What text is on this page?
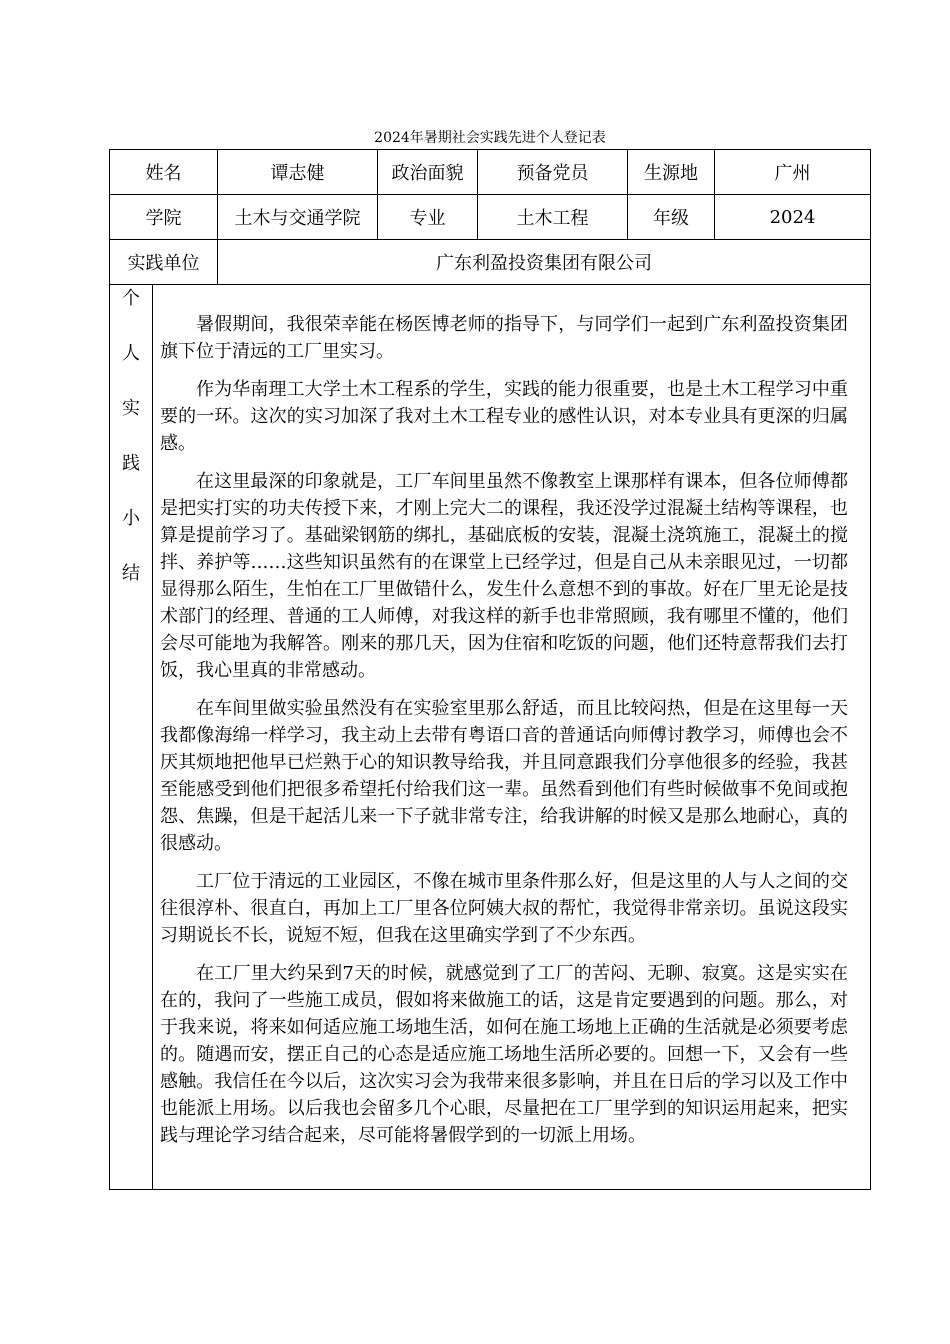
2024年暑期社会实践先进个人登记表
姓名	谭志健	政治面貌	预备党员	生源地	广州
学院	土木与交通学院	专业	土木工程	年级	2024
实践单位	广东利盈投资集团有限公司

个
人
实
践
小
结

暑假期间，我很荣幸能在杨医博老师的指导下，与同学们一起到广东利盈投资集团旗下位于清远的工厂里实习。

作为华南理工大学土木工程系的学生，实践的能力很重要，也是土木工程学习中重要的一环。这次的实习加深了我对土木工程专业的感性认识，对本专业具有更深的归属感。

在这里最深的印象就是，工厂车间里虽然不像教室上课那样有课本，但各位师傅都是把实打实的功夫传授下来，才刚上完大二的课程，我还没学过混凝土结构等课程，也算是提前学习了。基础梁钢筋的绑扎，基础底板的安装，混凝土浇筑施工，混凝土的搅拌、养护等……这些知识虽然有的在课堂上已经学过，但是自己从未亲眼见过，一切都显得那么陌生，生怕在工厂里做错什么，发生什么意想不到的事故。好在厂里无论是技术部门的经理、普通的工人师傅，对我这样的新手也非常照顾，我有哪里不懂的，他们会尽可能地为我解答。刚来的那几天，因为住宿和吃饭的问题，他们还特意帮我们去打饭，我心里真的非常感动。

在车间里做实验虽然没有在实验室里那么舒适，而且比较闷热，但是在这里每一天我都像海绵一样学习，我主动上去带有粤语口音的普通话向师傅讨教学习，师傅也会不厌其烦地把他早已烂熟于心的知识教导给我，并且同意跟我们分享他很多的经验，我甚至能感受到他们把很多希望托付给我们这一辈。虽然看到他们有些时候做事不免间或抱怨、焦躁，但是干起活儿来一下子就非常专注，给我讲解的时候又是那么地耐心，真的很感动。

工厂位于清远的工业园区，不像在城市里条件那么好，但是这里的人与人之间的交往很淳朴、很直白，再加上工厂里各位阿姨大叔的帮忙，我觉得非常亲切。虽说这段实习期说长不长，说短不短，但我在这里确实学到了不少东西。

在工厂里大约呆到7天的时候，就感觉到了工厂的苦闷、无聊、寂寞。这是实实在在的，我问了一些施工成员，假如将来做施工的话，这是肯定要遇到的问题。那么，对于我来说，将来如何适应施工场地生活，如何在施工场地上正确的生活就是必须要考虑的。随遇而安，摆正自己的心态是适应施工场地生活所必要的。回想一下，又会有一些感触。我信任在今以后，这次实习会为我带来很多影响，并且在日后的学习以及工作中也能派上用场。以后我也会留多几个心眼，尽量把在工厂里学到的知识运用起来，把实践与理论学习结合起来，尽可能将暑假学到的一切派上用场。
